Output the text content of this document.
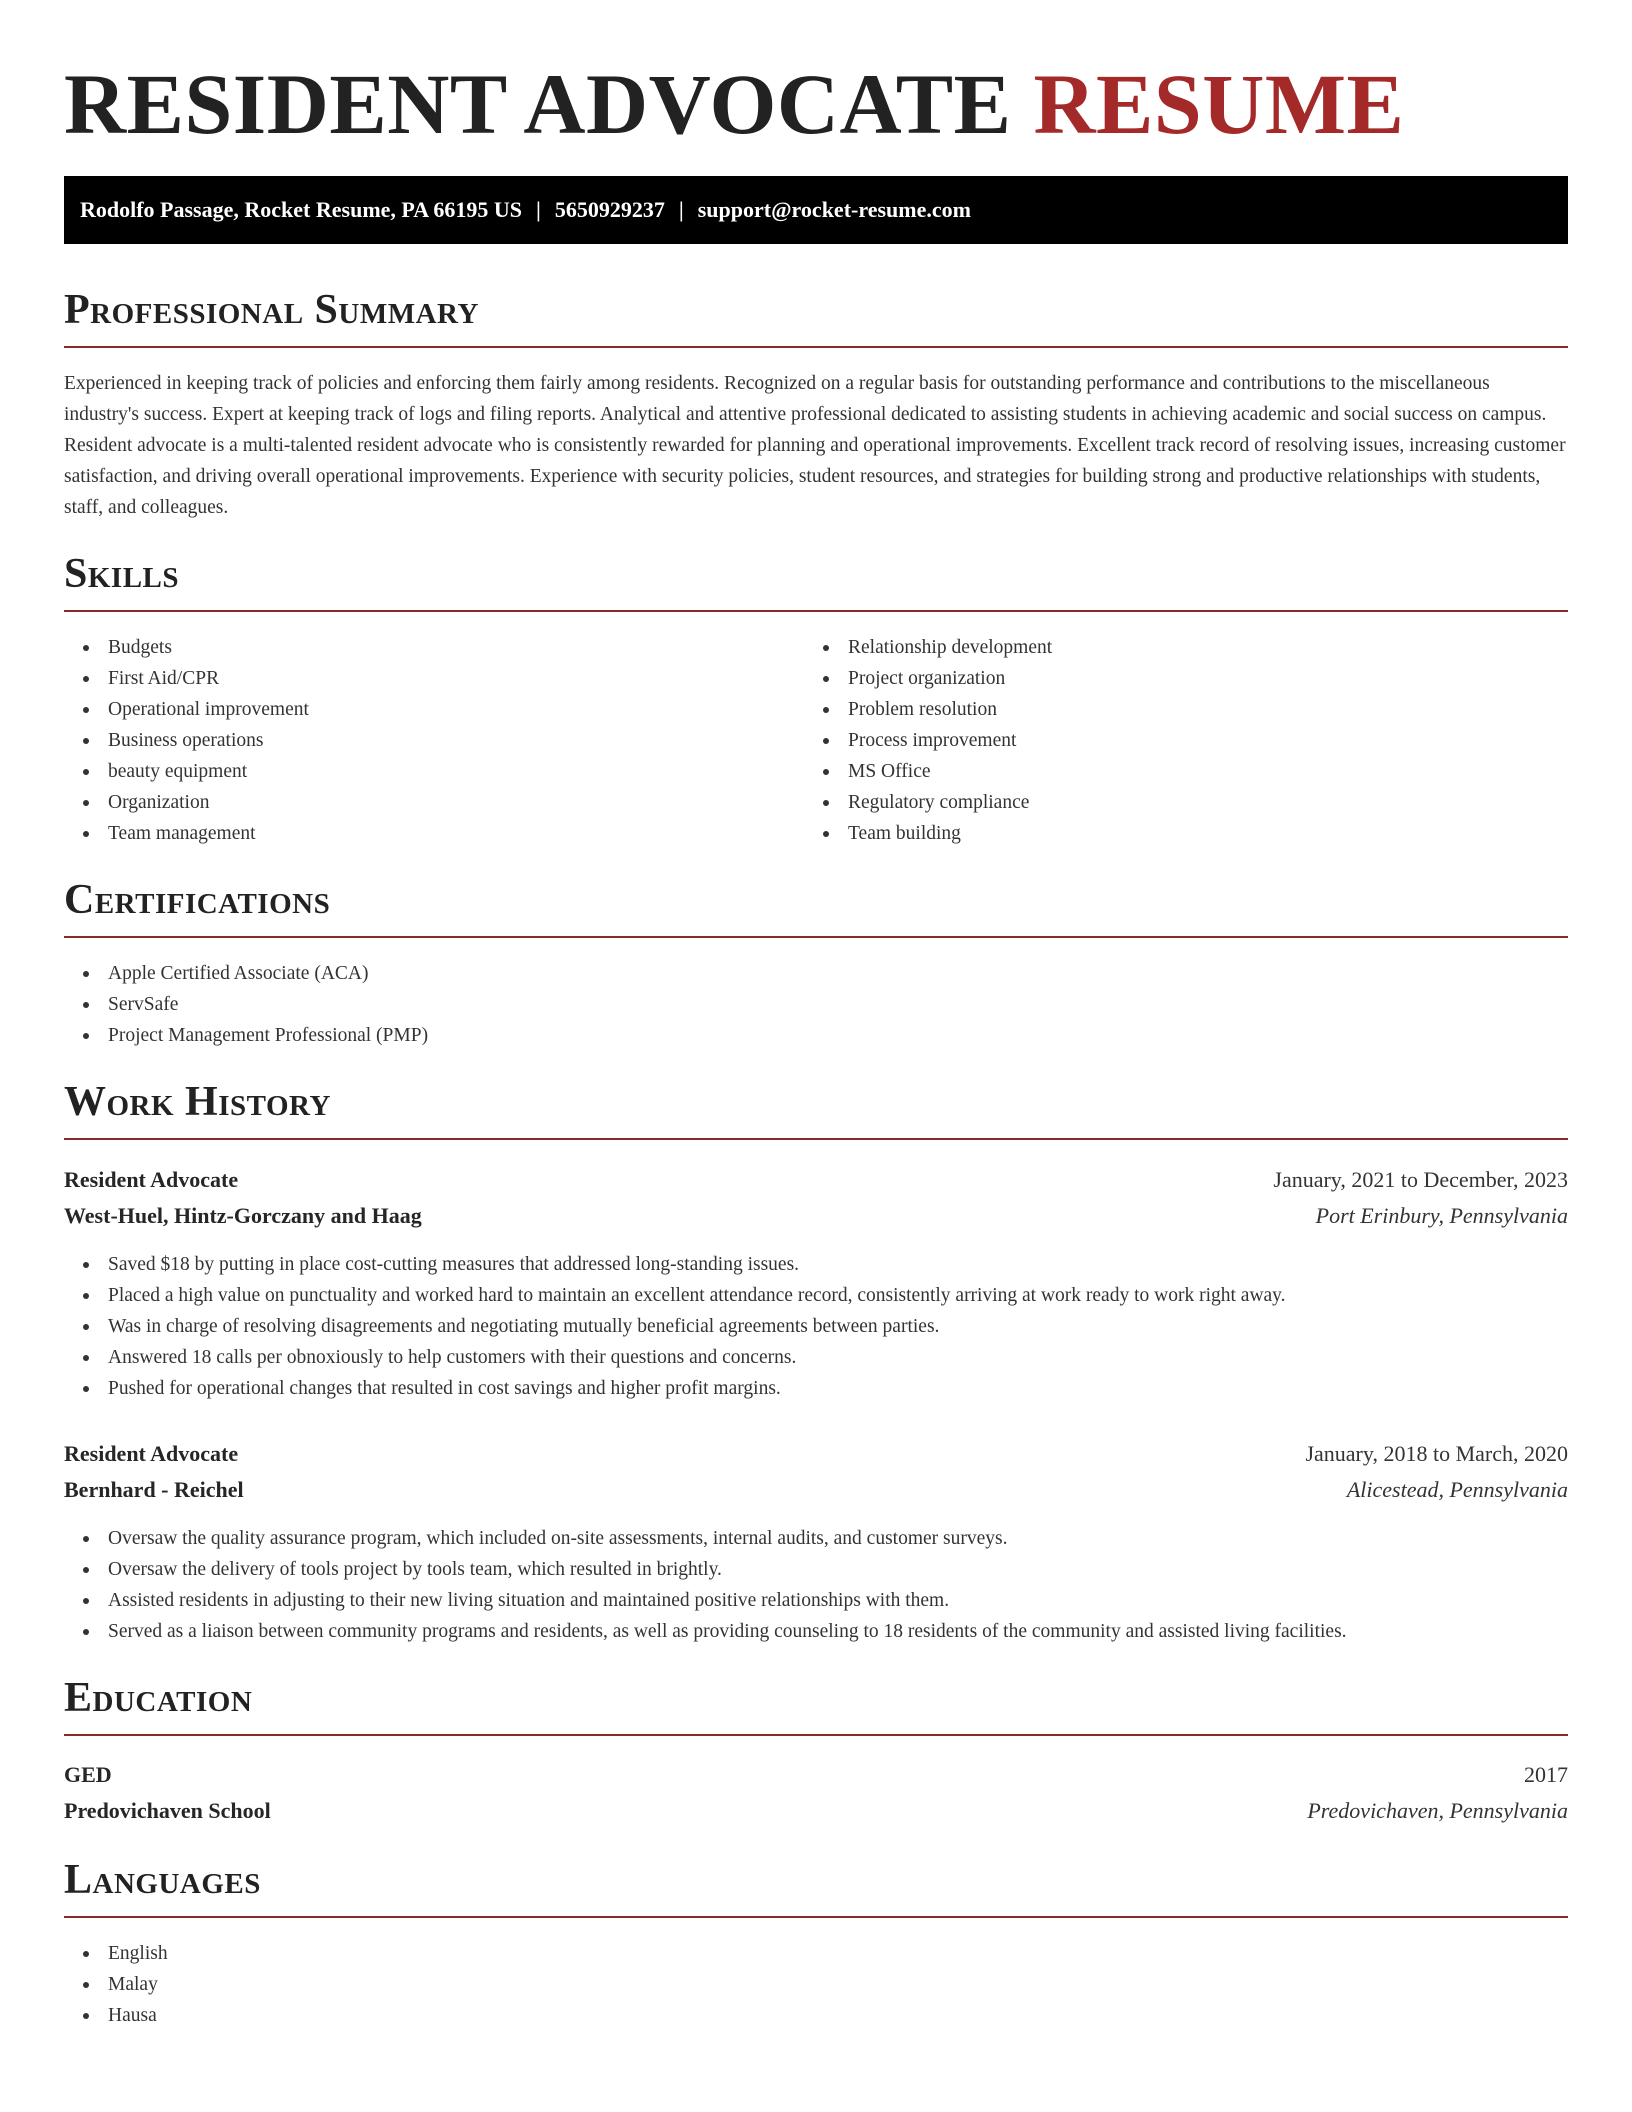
RESIDENT ADVOCATE RESUME
Rodolfo Passage, Rocket Resume, PA 66195 US | 5650929237 | support@rocket-resume.com
Professional Summary

Experienced in keeping track of policies and enforcing them fairly among residents. Recognized on a regular basis for outstanding performance and contributions to the miscellaneous industry's success. Expert at keeping track of logs and filing reports. Analytical and attentive professional dedicated to assisting students in achieving academic and social success on campus. Resident advocate is a multi-talented resident advocate who is consistently rewarded for planning and operational improvements. Excellent track record of resolving issues, increasing customer satisfaction, and driving overall operational improvements. Experience with security policies, student resources, and strategies for building strong and productive relationships with students, staff, and colleagues.

Skills
Budgets
First Aid/CPR
Operational improvement
Business operations
beauty equipment
Organization
Team management
Relationship development
Project organization
Problem resolution
Process improvement
MS Office
Regulatory compliance
Team building
Certifications
Apple Certified Associate (ACA)
ServSafe
Project Management Professional (PMP)
Work History
Resident Advocate	January, 2021 to December, 2023
West-Huel, Hintz-Gorczany and Haag	Port Erinbury, Pennsylvania
Saved $18 by putting in place cost-cutting measures that addressed long-standing issues.
Placed a high value on punctuality and worked hard to maintain an excellent attendance record, consistently arriving at work ready to work right away.
Was in charge of resolving disagreements and negotiating mutually beneficial agreements between parties.
Answered 18 calls per obnoxiously to help customers with their questions and concerns.
Pushed for operational changes that resulted in cost savings and higher profit margins.
Resident Advocate	January, 2018 to March, 2020
Bernhard - Reichel	Alicestead, Pennsylvania
Oversaw the quality assurance program, which included on-site assessments, internal audits, and customer surveys.
Oversaw the delivery of tools project by tools team, which resulted in brightly.
Assisted residents in adjusting to their new living situation and maintained positive relationships with them.
Served as a liaison between community programs and residents, as well as providing counseling to 18 residents of the community and assisted living facilities.
Education
GED	2017
Predovichaven School	Predovichaven, Pennsylvania
Languages
English
Malay
Hausa
